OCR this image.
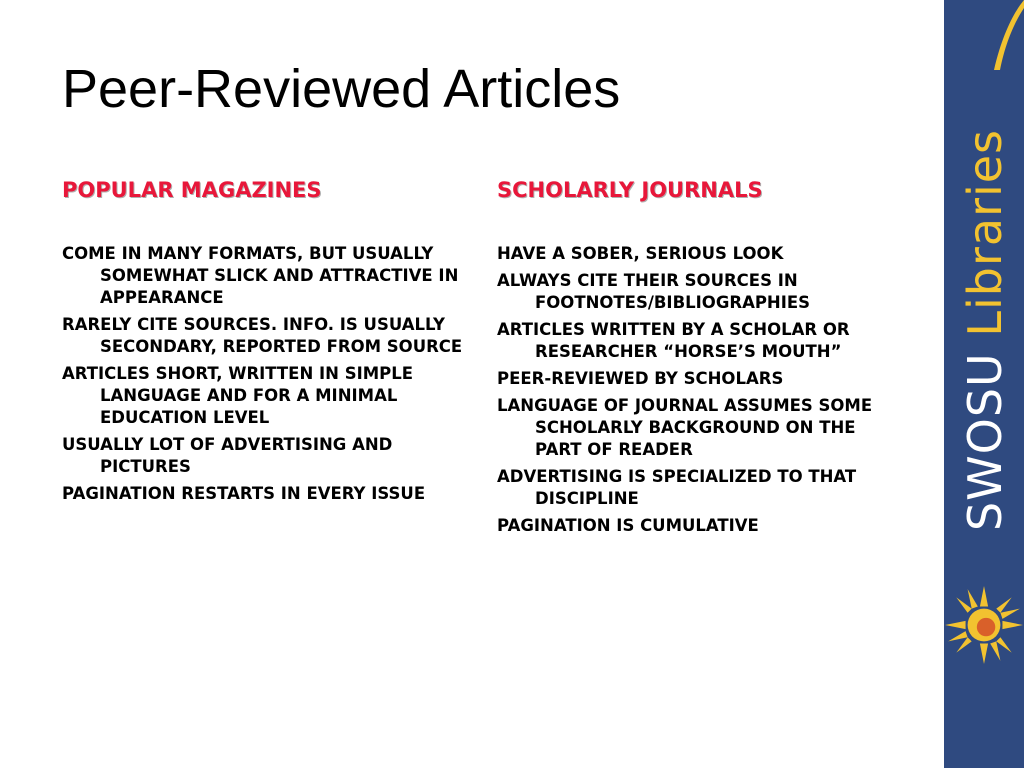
Peer-Reviewed Articles
POPULAR MAGAZINES
COME IN MANY FORMATS, BUT USUALLY SOMEWHAT SLICK AND ATTRACTIVE IN APPEARANCE
RARELY CITE SOURCES. INFO. IS USUALLY SECONDARY, REPORTED FROM SOURCE
ARTICLES SHORT, WRITTEN IN SIMPLE LANGUAGE AND FOR A MINIMAL EDUCATION LEVEL
USUALLY LOT OF ADVERTISING AND PICTURES
PAGINATION RESTARTS IN EVERY ISSUE
SCHOLARLY JOURNALS
HAVE A SOBER, SERIOUS LOOK
ALWAYS CITE THEIR SOURCES IN FOOTNOTES/BIBLIOGRAPHIES
ARTICLES WRITTEN BY A SCHOLAR OR RESEARCHER “HORSE’S MOUTH”
PEER-REVIEWED BY SCHOLARS
LANGUAGE OF JOURNAL ASSUMES SOME SCHOLARLY BACKGROUND ON THE PART OF READER
ADVERTISING IS SPECIALIZED TO THAT DISCIPLINE
PAGINATION IS CUMULATIVE	SWOSU Libraries
